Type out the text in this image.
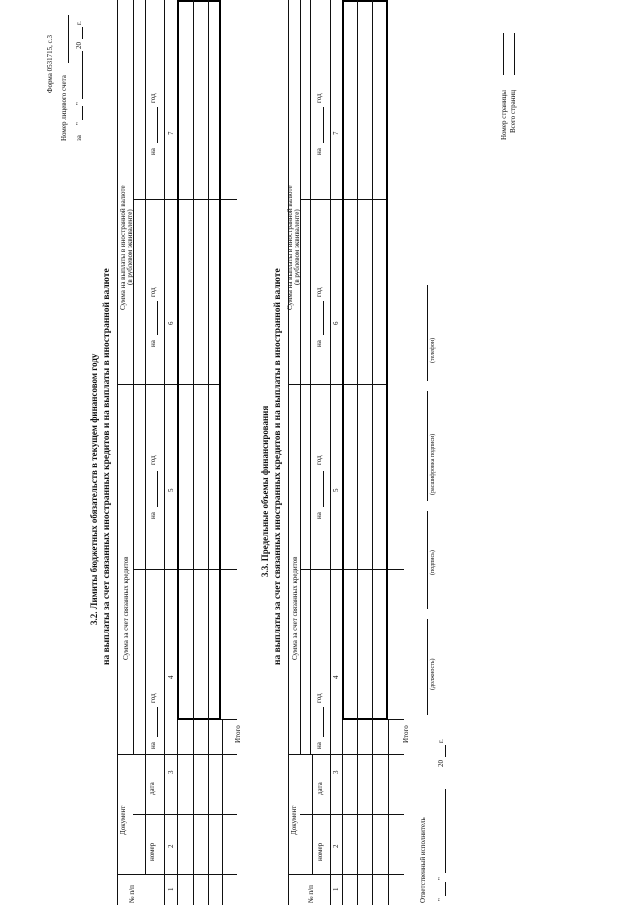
Форма 0531715, с.3
Номер лицевого счета за
"
"
20
г.
3.2. Лимиты бюджетных обязательств в текущем финансовом году на выплаты за счет связанных иностранных кредитов и на выплаты в иностранной валюте
№ п/п
Документ
номер
дата
Сумма за счет связанных кредитов
Сумма на выплаты в иностранной валюте (в рублевом эквиваленте)
на
год
на
год
на
год
на
год
1
2
3
4
5
6
7
Итого
3.3. Предельные объемы финансирования на выплаты за счет связанных иностранных кредитов и на выплаты в иностранной валюте
№ п/п
Документ
номер
дата
Сумма за счет связанных кредитов
Сумма на выплаты в иностранной валюте (в рублевом эквиваленте)
на
год
на
год
на
год
на
год
1
2
3
4
5
6
7
Итого
Ответственный исполнитель
(должность)
(подпись)
(расшифровка подписи)
(телефон)
"
"
20
г.
Номер страницы Всего страниц
